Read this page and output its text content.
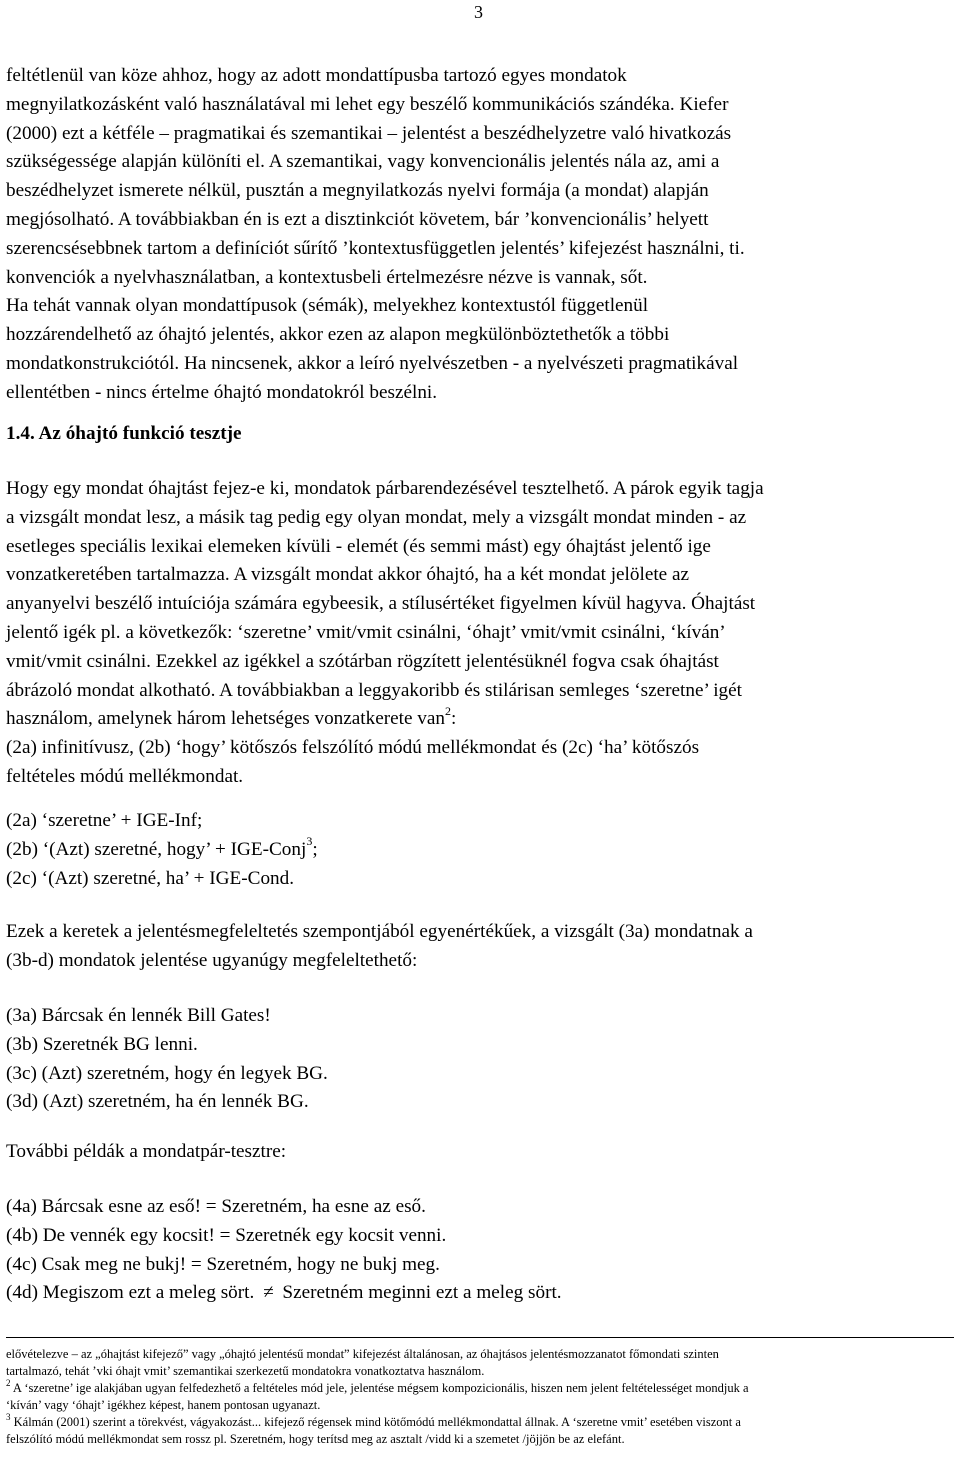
3
feltétlenül van köze ahhoz, hogy az adott mondattípusba tartozó egyes mondatok
megnyilatkozásként való használatával mi lehet egy beszélő kommunikációs szándéka. Kiefer
(2000) ezt a kétféle – pragmatikai és szemantikai – jelentést a beszédhelyzetre való hivatkozás
szükségessége alapján különíti el. A szemantikai, vagy konvencionális jelentés nála az, ami a
beszédhelyzet ismerete nélkül, pusztán a megnyilatkozás nyelvi formája (a mondat) alapján
megjósolható. A továbbiakban én is ezt a disztinkciót követem, bár ’konvencionális’ helyett
szerencsésebbnek tartom a definíciót sűrítő ’kontextusfüggetlen jelentés’ kifejezést használni, ti.
konvenciók a nyelvhasználatban, a kontextusbeli értelmezésre nézve is vannak, sőt.
Ha tehát vannak olyan mondattípusok (sémák), melyekhez kontextustól függetlenül
hozzárendelhető az óhajtó jelentés, akkor ezen az alapon megkülönböztethetők a többi
mondatkonstrukciótól. Ha nincsenek, akkor a leíró nyelvészetben - a nyelvészeti pragmatikával
ellentétben - nincs értelme óhajtó mondatokról beszélni.
1.4. Az óhajtó funkció tesztje
Hogy egy mondat óhajtást fejez-e ki, mondatok párbarendezésével tesztelhető. A párok egyik tagja
a vizsgált mondat lesz, a másik tag pedig egy olyan mondat, mely a vizsgált mondat minden - az
esetleges speciális lexikai elemeken kívüli - elemét (és semmi mást) egy óhajtást jelentő ige
vonzatkeretében tartalmazza. A vizsgált mondat akkor óhajtó, ha a két mondat jelölete az
anyanyelvi beszélő intuíciója számára egybeesik, a stílusértéket figyelmen kívül hagyva. Óhajtást
jelentő igék pl. a következők: ‘szeretne’ vmit/vmit csinálni, ‘óhajt’ vmit/vmit csinálni, ‘kíván’
vmit/vmit csinálni. Ezekkel az igékkel a szótárban rögzített jelentésüknél fogva csak óhajtást
ábrázoló mondat alkotható. A továbbiakban a leggyakoribb és stilárisan semleges ‘szeretne’ igét
használom, amelynek három lehetséges vonzatkerete van$^2$:
(2a) infinitívusz, (2b) ‘hogy’ kötőszós felszólító módú mellékmondat és (2c) ‘ha’ kötőszós
feltételes módú mellékmondat.
(2a) ‘szeretne’ + IGE-Inf;
(2b) ‘(Azt) szeretné, hogy’ + IGE-Conj$^3$;
(2c) ‘(Azt) szeretné, ha’ + IGE-Cond.
Ezek a keretek a jelentésmegfeleltetés szempontjából egyenértékűek, a vizsgált (3a) mondatnak a
(3b-d) mondatok jelentése ugyanúgy megfeleltethető:
(3a) Bárcsak én lennék Bill Gates!
(3b) Szeretnék BG lenni.
(3c) (Azt) szeretném, hogy én legyek BG.
(3d) (Azt) szeretném, ha én lennék BG.
További példák a mondatpár-tesztre:
(4a) Bárcsak esne az eső! = Szeretném, ha esne az eső.
(4b) De vennék egy kocsit! = Szeretnék egy kocsit venni.
(4c) Csak meg ne bukj! = Szeretném, hogy ne bukj meg.
(4d) Megiszom ezt a meleg sört. ≠ Szeretném meginni ezt a meleg sört.
elővételezve – az „óhajtást kifejező” vagy „óhajtó jelentésű mondat” kifejezést általánosan, az óhajtásos jelentésmozzanatot főmondati szinten
tartalmazó, tehát ’vki óhajt vmit’ szemantikai szerkezetű mondatokra vonatkoztatva használom.
$^2$ A ‘szeretne’ ige alakjában ugyan felfedezhető a feltételes mód jele, jelentése mégsem kompozicionális, hiszen nem jelent feltételességet mondjuk a
‘kíván’ vagy ‘óhajt’ igékhez képest, hanem pontosan ugyanazt.
$^3$ Kálmán (2001) szerint a törekvést, vágyakozást... kifejező régensek mind kötőmódú mellékmondattal állnak. A ‘szeretne vmit’ esetében viszont a
felszólító módú mellékmondat sem rossz pl. Szeretném, hogy terítsd meg az asztalt /vidd ki a szemetet /jöjjön be az elefánt.
